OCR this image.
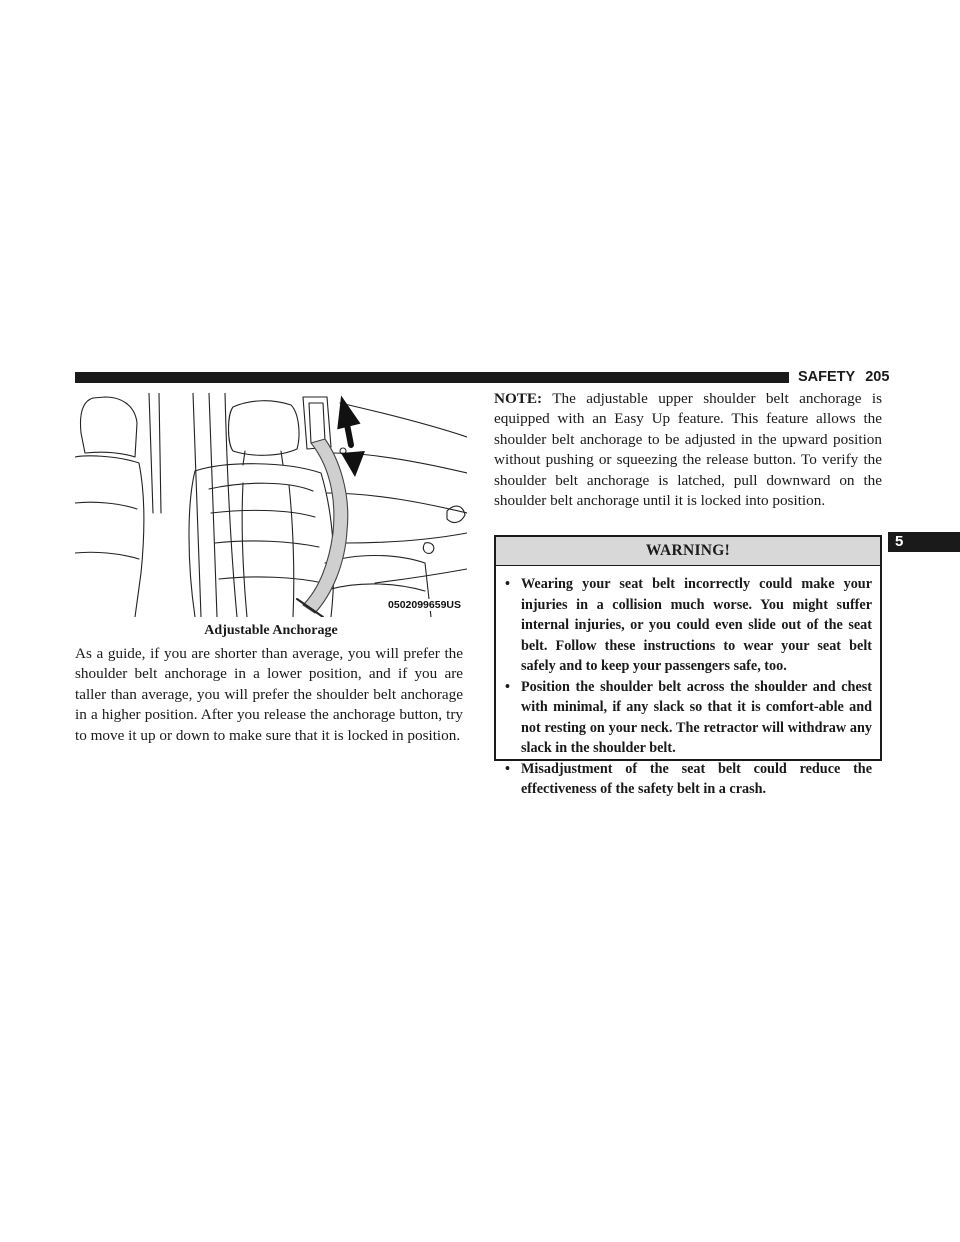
SAFETY 205
5
0502099659US
Adjustable Anchorage

As a guide, if you are shorter than average, you will prefer the shoulder belt anchorage in a lower position, and if you are taller than average, you will prefer the shoulder belt anchorage in a higher position. After you release the anchorage button, try to move it up or down to make sure that it is locked in position.

NOTE: The adjustable upper shoulder belt anchorage is equipped with an Easy Up feature. This feature allows the shoulder belt anchorage to be adjusted in the upward position without pushing or squeezing the release button. To verify the shoulder belt anchorage is latched, pull downward on the shoulder belt anchorage until it is locked into position.

WARNING!
• Wearing your seat belt incorrectly could make your injuries in a collision much worse. You might suffer internal injuries, or you could even slide out of the seat belt. Follow these instructions to wear your seat belt safely and to keep your passengers safe, too.
• Position the shoulder belt across the shoulder and chest with minimal, if any slack so that it is comfort-able and not resting on your neck. The retractor will withdraw any slack in the shoulder belt.
• Misadjustment of the seat belt could reduce the effectiveness of the safety belt in a crash.
